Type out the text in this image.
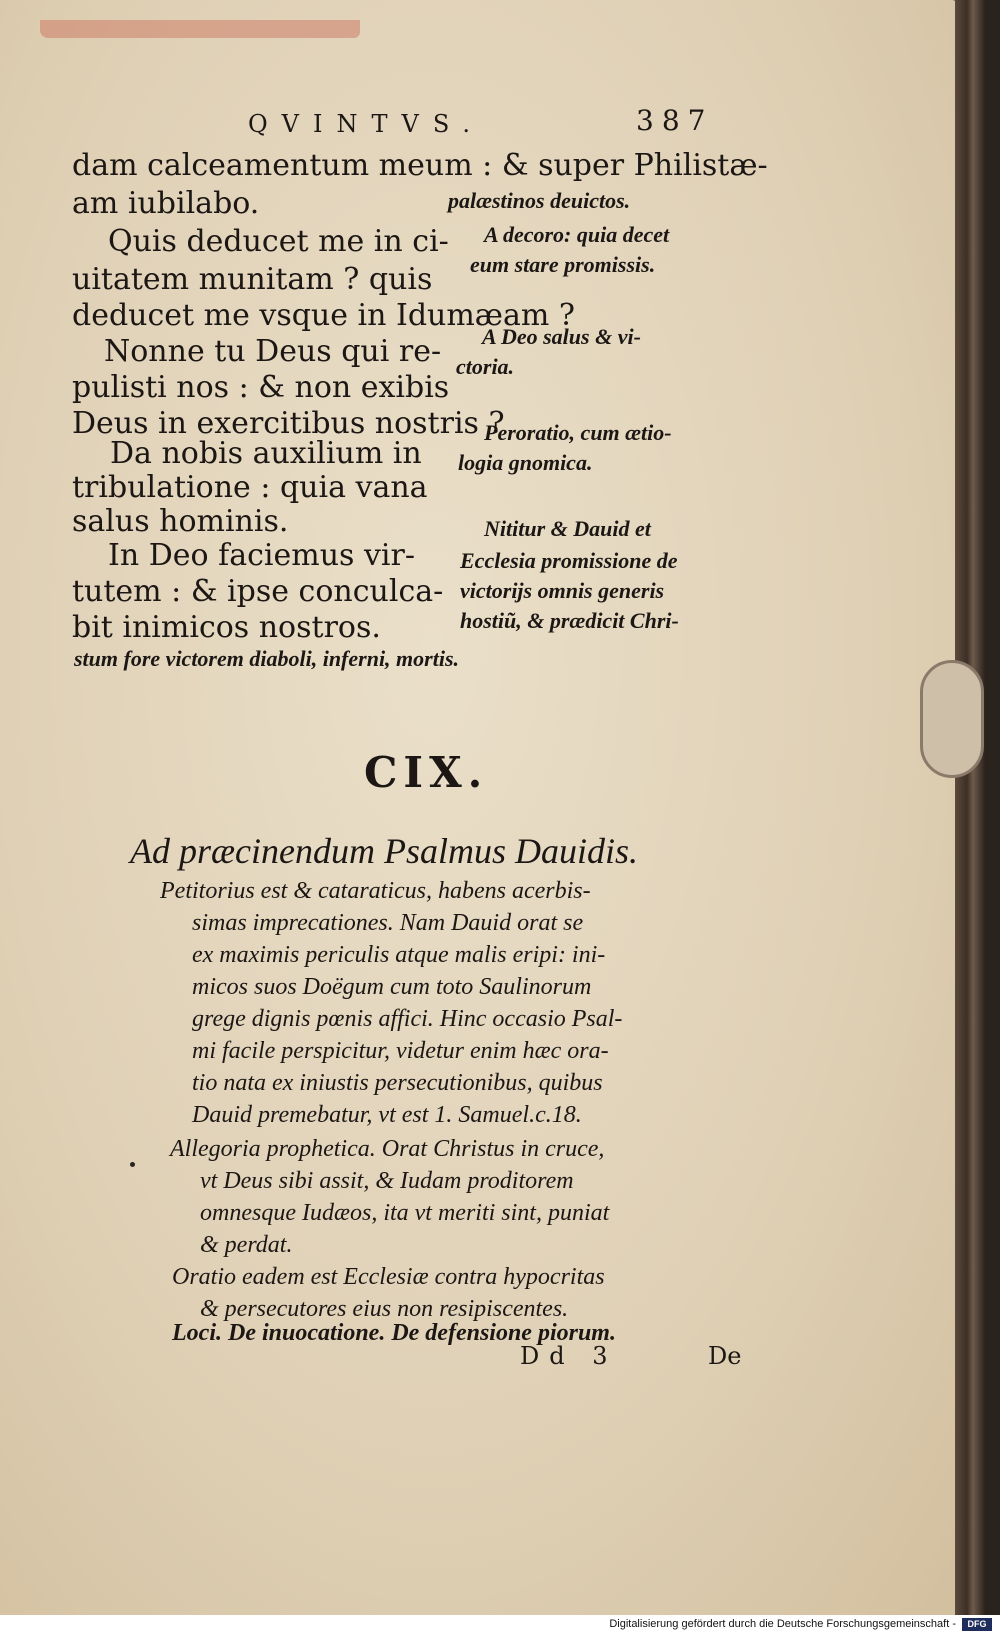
QVINTVS.	387
dam calceamentum meum : & super Philistæ-
am iubilabo.
Quis deducet me in ci-
uitatem munitam ? quis
deducet me vsque in Idumæam ?
Nonne tu Deus qui re-
pulisti nos : & non exibis
Deus in exercitibus nostris ?
Da nobis auxilium in
tribulatione : quia vana
salus hominis.
In Deo faciemus vir-
tutem : & ipse conculca-
bit inimicos nostros.
palæstinos deuictos.
A decoro: quia decet
eum stare promissis.
A Deo salus & vi-
ctoria.
Peroratio, cum ætio-
logia gnomica.
Nititur & Dauid et
Ecclesia promissione de
victorijs omnis generis
hostiũ, & prædicit Chri-
stum fore victorem diaboli, inferni, mortis.
CIX.
Ad præcinendum Psalmus Dauidis.
Petitorius est & cataraticus, habens acerbis-
simas imprecationes. Nam Dauid orat se
ex maximis periculis atque malis eripi: ini-
micos suos Doëgum cum toto Saulinorum
grege dignis pœnis affici. Hinc occasio Psal-
mi facile perspicitur, videtur enim hæc ora-
tio nata ex iniustis persecutionibus, quibus
Dauid premebatur, vt est 1. Samuel.c.18.
Allegoria prophetica. Orat Christus in cruce,
vt Deus sibi assit, & Iudam proditorem
omnesque Iudæos, ita vt meriti sint, puniat
& perdat.
Oratio eadem est Ecclesiæ contra hypocritas
& persecutores eius non resipiscentes.
Loci. De inuocatione. De defensione piorum.
Dd 3	De
Digitalisierung gefördert durch die Deutsche Forschungsgemeinschaft -	DFG
